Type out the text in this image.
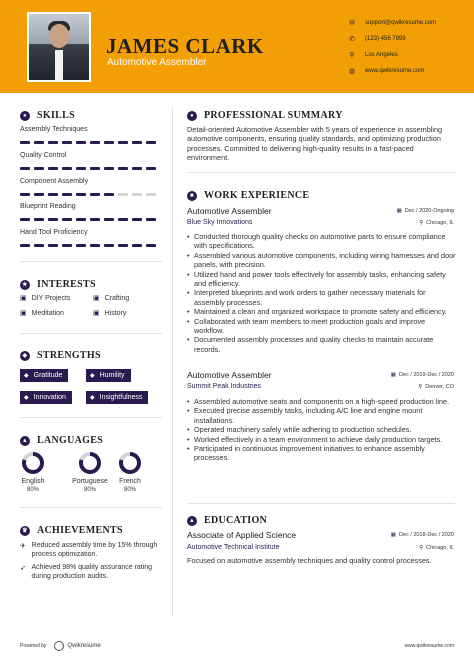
JAMES CLARK
Automotive Assembler
✉ support@qwikresume.com
✆ (123) 456 7899
⚲ Los Angeles
◍ www.qwikresume.com
●	SKILLS
Assembly Techniques
Quality Control
Component Assembly
Blueprint Reading
Hand Tool Proficiency
★ INTERESTS
▣ DIY Projects	▣ Crafting
▣ Meditation	▣ History
◆ STRENGTHS
◆ Gratitude	◆ Humility
◆ Innovation	◆ Insightfulness
▲ LANGUAGES
English
80%
Portuguese
80%
French
80%
♛ ACHIEVEMENTS
✈ Reduced assembly time by 15% through process optimization.
➶ Achieved 98% quality assurance rating during production audits.
●	PROFESSIONAL SUMMARY
Detail-oriented Automotive Assembler with 5 years of experience in assembling automotive components, ensuring quality standards, and optimizing production processes. Committed to delivering high-quality results in a fast-paced environment.
■	WORK EXPERIENCE
Automotive Assembler	▦ Dec / 2020-Ongoing
Blue Sky Innovations	⚲ Chicago, IL
• Conducted thorough quality checks on automotive parts to ensure compliance with specifications.
• Assembled various automotive components, including wiring harnesses and door panels, with precision.
• Utilized hand and power tools effectively for assembly tasks, enhancing safety and efficiency.
• Interpreted blueprints and work orders to gather necessary materials for assembly processes.
• Maintained a clean and organized workspace to promote safety and efficiency.
• Collaborated with team members to meet production goals and improve workflow.
• Documented assembly processes and quality checks to maintain accurate records.
Automotive Assembler	▦ Dec / 2019-Dec / 2020
Summit Peak Industries	⚲ Denver, CO
• Assembled automotive seats and components on a high-speed production line.
• Executed precise assembly tasks, including A/C line and engine mount installations.
• Operated machinery safely while adhering to production schedules.
• Worked effectively in a team environment to achieve daily production targets.
• Participated in continuous improvement initiatives to enhance assembly processes.
▲ EDUCATION
Associate of Applied Science	▦ Dec / 2018-Dec / 2020
Automotive Technical Institute	⚲ Chicago, IL
Focused on automotive assembly techniques and quality control processes.
Powered by	Qwikresume	www.qwikresume.com
